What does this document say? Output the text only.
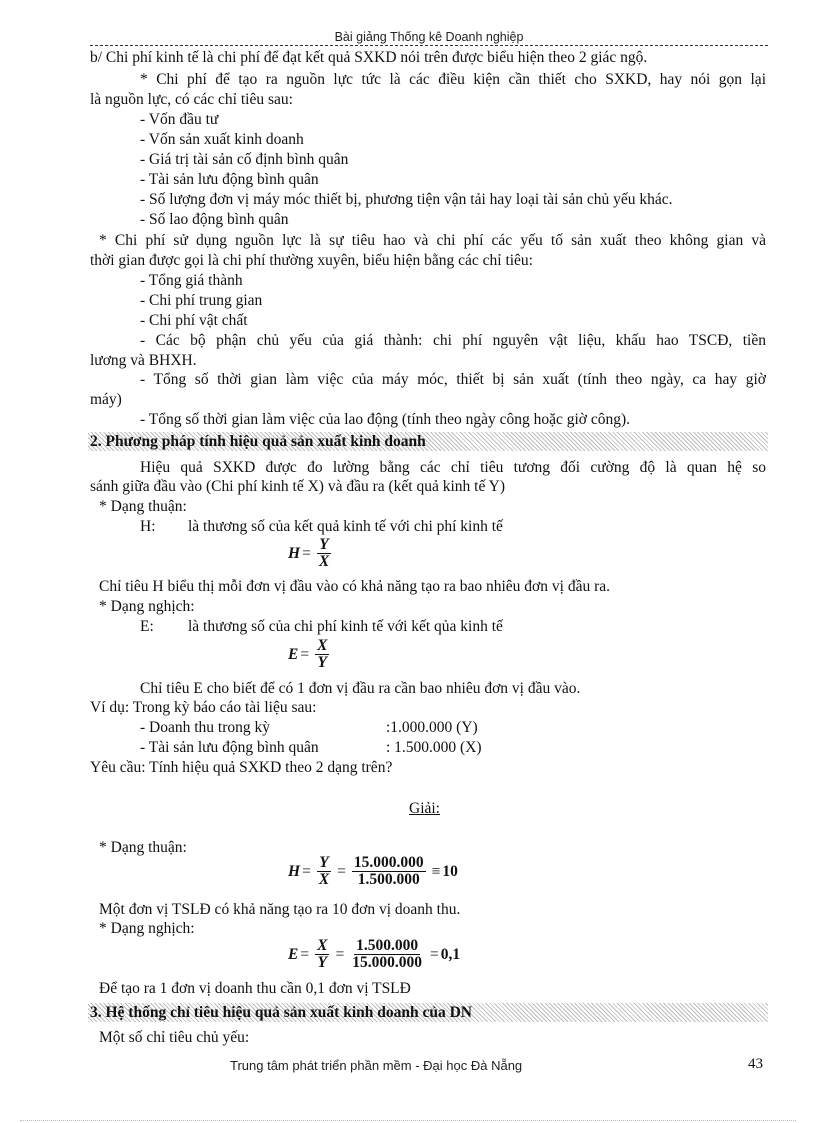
Bài giảng Thống kê Doanh nghiệp
b/ Chi phí kinh tế là chi phí để đạt kết quả SXKD nói trên được biểu hiện theo 2 giác ngộ.
* Chi phí để tạo ra nguồn lực tức là các điều kiện cần thiết cho SXKD, hay nói gọn lại
là nguồn lực, có các chỉ tiêu sau:
- Vốn đầu tư
- Vốn sản xuất kinh doanh
- Giá trị tài sản cố định bình quân
- Tài sản lưu động bình quân
- Số lượng đơn vị máy móc thiết bị, phương tiện vận tải hay loại tài sản chủ yếu khác.
- Số lao động bình quân
* Chi phí sử dụng nguồn lực là sự tiêu hao và chi phí các yếu tố sản xuất theo không gian và
thời gian được gọi là chi phí thường xuyên, biểu hiện bằng các chỉ tiêu:
- Tổng giá thành
- Chi phí trung gian
- Chi phí vật chất
- Các bộ phận chủ yếu của giá thành: chi phí nguyên vật liệu, khấu hao TSCĐ, tiền
lương và BHXH.
- Tổng số thời gian làm việc của máy móc, thiết bị sản xuất (tính theo ngày, ca hay giờ
máy)
- Tổng số thời gian làm việc của lao động (tính theo ngày công hoặc giờ công).
2. Phương pháp tính hiệu quả sản xuất kinh doanh
Hiệu quả SXKD được đo lường bằng các chỉ tiêu tương đối cường độ là quan hệ so
sánh giữa đầu vào (Chi phí kinh tế X) và đầu ra (kết quả kinh tế Y)
* Dạng thuận:
H: là thương số của kết quả kinh tế với chi phí kinh tế
$H = \frac{Y}{X}$
Chỉ tiêu H biểu thị mỗi đơn vị đầu vào có khả năng tạo ra bao nhiêu đơn vị đầu ra.
* Dạng nghịch:
E: là thương số của chi phí kinh tế với kết qủa kinh tế
$E = \frac{X}{Y}$
Chỉ tiêu E cho biết để có 1 đơn vị đầu ra cần bao nhiêu đơn vị đầu vào.
Ví dụ: Trong kỳ báo cáo tài liệu sau:
- Doanh thu trong kỳ	:1.000.000 (Y)
- Tài sản lưu động bình quân	: 1.500.000 (X)
Yêu cầu: Tính hiệu quả SXKD theo 2 dạng trên?
Giải:
* Dạng thuận:
$H = \frac{Y}{X} = \frac{15.000.000}{1.500.000} \equiv 10$
Một đơn vị TSLĐ có khả năng tạo ra 10 đơn vị doanh thu.
* Dạng nghịch:
$E = \frac{X}{Y} = \frac{1.500.000}{15.000.000} = 0,1$
Để tạo ra 1 đơn vị doanh thu cần 0,1 đơn vị TSLĐ
3. Hệ thống chỉ tiêu hiệu quả sản xuất kinh doanh của DN
Một số chỉ tiêu chủ yếu:
Trung tâm phát triển phần mềm - Đại học Đà Nẵng	43
